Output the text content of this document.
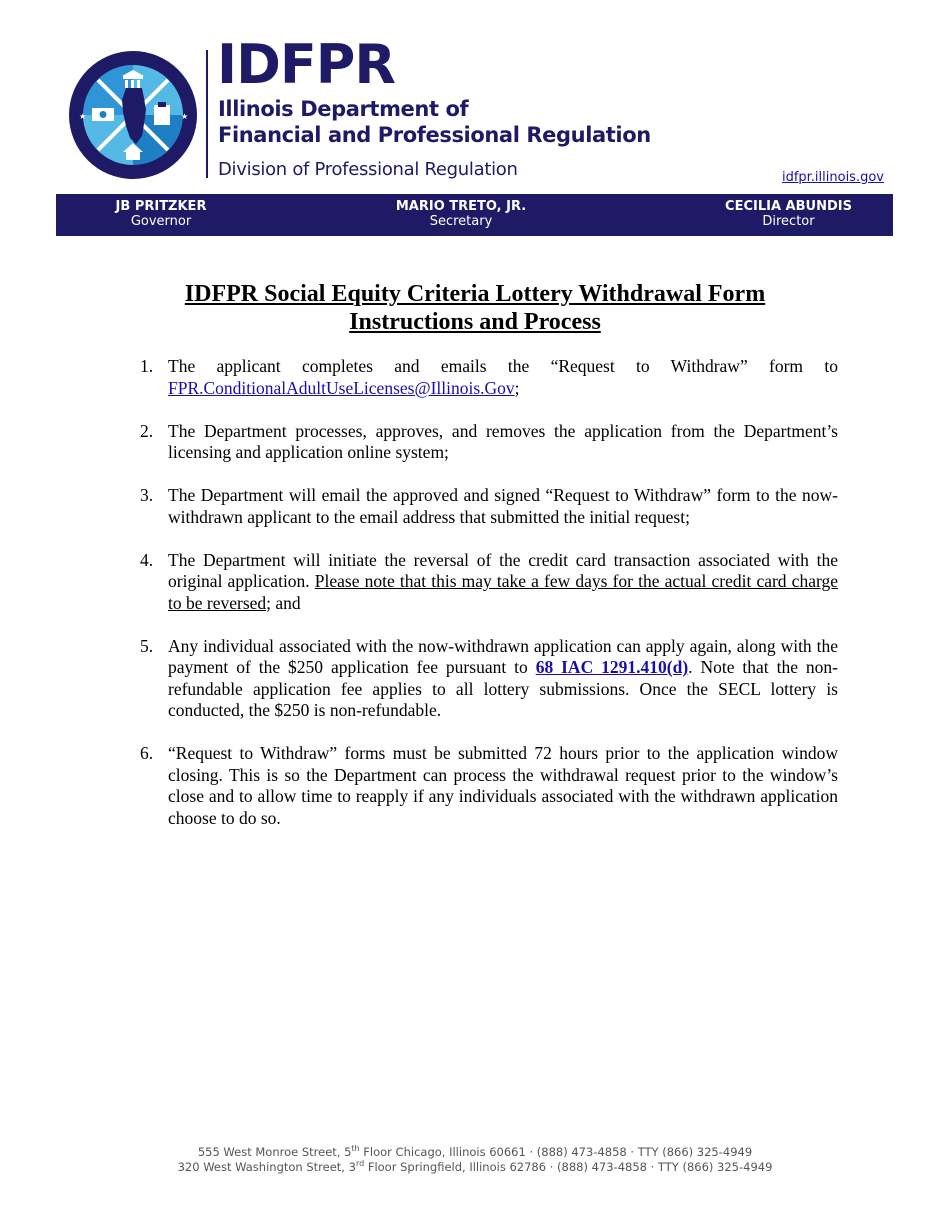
★	★
IDFPR
Illinois Department of
Financial and Professional Regulation
Division of Professional Regulation	idfpr.illinois.gov
JB PRITZKER
Governor
MARIO TRETO, JR.
Secretary
CECILIA ABUNDIS
Director
IDFPR Social Equity Criteria Lottery Withdrawal Form
Instructions and Process
1. The applicant completes and emails the “Request to Withdraw” form to FPR.ConditionalAdultUseLicenses@Illinois.Gov;
2. The Department processes, approves, and removes the application from the Department’s licensing and application online system;
3. The Department will email the approved and signed “Request to Withdraw” form to the now-withdrawn applicant to the email address that submitted the initial request;
4. The Department will initiate the reversal of the credit card transaction associated with the original application. Please note that this may take a few days for the actual credit card charge to be reversed; and
5. Any individual associated with the now-withdrawn application can apply again, along with the payment of the $250 application fee pursuant to 68 IAC 1291.410(d). Note that the non-refundable application fee applies to all lottery submissions. Once the SECL lottery is conducted, the $250 is non-refundable.
6. “Request to Withdraw” forms must be submitted 72 hours prior to the application window closing. This is so the Department can process the withdrawal request prior to the window’s close and to allow time to reapply if any individuals associated with the withdrawn application choose to do so.
555 West Monroe Street, 5th Floor Chicago, Illinois 60661 · (888) 473-4858 · TTY (866) 325-4949
320 West Washington Street, 3rd Floor Springfield, Illinois 62786 · (888) 473-4858 · TTY (866) 325-4949
